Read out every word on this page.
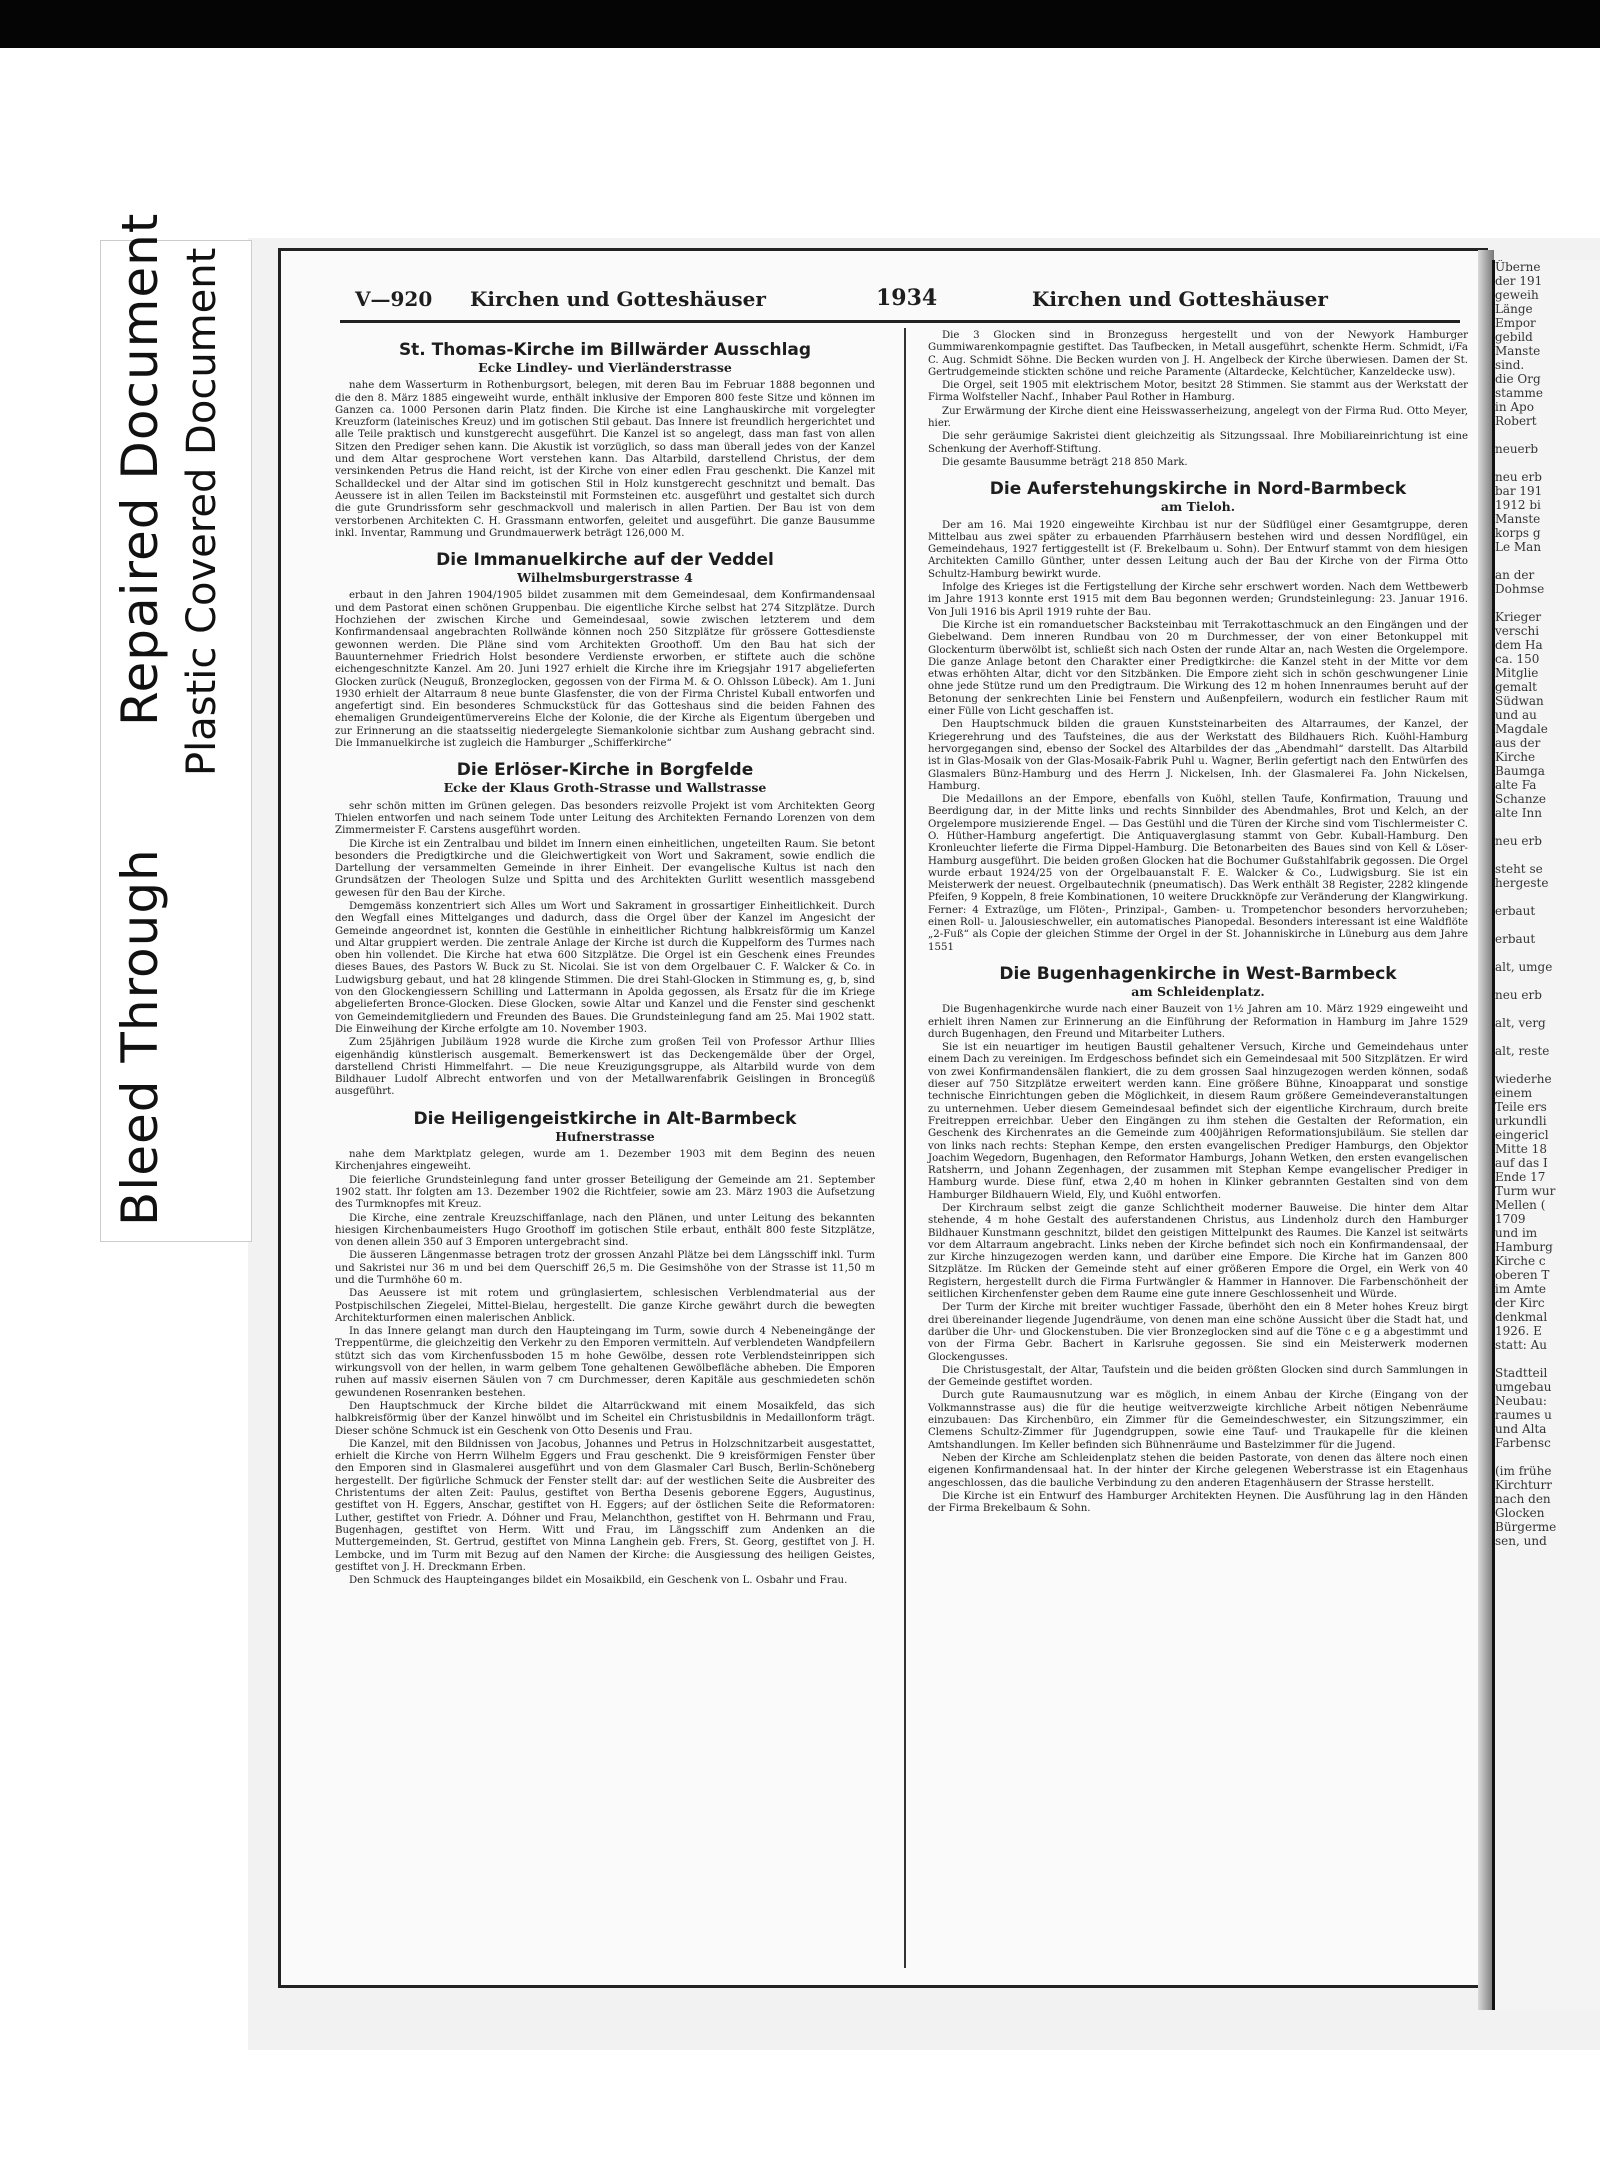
Bleed Through
Repaired Document Plastic Covered Document	V—920 Kirchen und Gotteshäuser	1934	Kirchen und Gotteshäuser
St. Thomas-Kirche im Billwärder Ausschlag
Ecke Lindley- und Vierländerstrasse

nahe dem Wasserturm in Rothenburgsort, belegen, mit deren Bau im Februar 1888 begonnen und die den 8. März 1885 eingeweiht wurde, enthält inklusive der Emporen 800 feste Sitze und können im Ganzen ca. 1000 Personen darin Platz finden. Die Kirche ist eine Langhauskirche mit vorgelegter Kreuzform (lateinisches Kreuz) und im gotischen Stil gebaut. Das Innere ist freundlich hergerichtet und alle Teile praktisch und kunstgerecht ausgeführt. Die Kanzel ist so angelegt, dass man fast von allen Sitzen den Prediger sehen kann. Die Akustik ist vorzüglich, so dass man überall jedes von der Kanzel und dem Altar gesprochene Wort verstehen kann. Das Altarbild, darstellend Christus, der dem versinkenden Petrus die Hand reicht, ist der Kirche von einer edlen Frau geschenkt. Die Kanzel mit Schalldeckel und der Altar sind im gotischen Stil in Holz kunstgerecht geschnitzt und bemalt. Das Aeussere ist in allen Teilen im Backsteinstil mit Formsteinen etc. ausgeführt und gestaltet sich durch die gute Grundrissform sehr geschmackvoll und malerisch in allen Partien. Der Bau ist von dem verstorbenen Architekten C. H. Grassmann entworfen, geleitet und ausgeführt. Die ganze Bausumme inkl. Inventar, Rammung und Grundmauerwerk beträgt 126,000 M.

Die Immanuelkirche auf der Veddel
Wilhelmsburgerstrasse 4

erbaut in den Jahren 1904/1905 bildet zusammen mit dem Gemeindesaal, dem Konfirmandensaal und dem Pastorat einen schönen Gruppenbau. Die eigentliche Kirche selbst hat 274 Sitzplätze. Durch Hochziehen der zwischen Kirche und Gemeindesaal, sowie zwischen letzterem und dem Konfirmandensaal angebrachten Rollwände können noch 250 Sitzplätze für grössere Gottesdienste gewonnen werden. Die Pläne sind vom Architekten Groothoff. Um den Bau hat sich der Bauunternehmer Friedrich Holst besondere Verdienste erworben, er stiftete auch die schöne eichengeschnitzte Kanzel. Am 20. Juni 1927 erhielt die Kirche ihre im Kriegsjahr 1917 abgelieferten Glocken zurück (Neuguß, Bronzeglocken, gegossen von der Firma M. & O. Ohlsson Lübeck). Am 1. Juni 1930 erhielt der Altarraum 8 neue bunte Glasfenster, die von der Firma Christel Kuball entworfen und angefertigt sind. Ein besonderes Schmuckstück für das Gotteshaus sind die beiden Fahnen des ehemaligen Grundeigentümervereins Elche der Kolonie, die der Kirche als Eigentum übergeben und zur Erinnerung an die staatsseitig niedergelegte Siemankolonie sichtbar zum Aushang gebracht sind. Die Immanuelkirche ist zugleich die Hamburger „Schifferkirche“

Die Erlöser-Kirche in Borgfelde
Ecke der Klaus Groth-Strasse und Wallstrasse

sehr schön mitten im Grünen gelegen. Das besonders reizvolle Projekt ist vom Architekten Georg Thielen entworfen und nach seinem Tode unter Leitung des Architekten Fernando Lorenzen von dem Zimmermeister F. Carstens ausgeführt worden.

Die Kirche ist ein Zentralbau und bildet im Innern einen einheitlichen, ungeteilten Raum. Sie betont besonders die Predigtkirche und die Gleichwertigkeit von Wort und Sakrament, sowie endlich die Dartellung der versammelten Gemeinde in ihrer Einheit. Der evangelische Kultus ist nach den Grundsätzen der Theologen Sulze und Spitta und des Architekten Gurlitt wesentlich massgebend gewesen für den Bau der Kirche.

Demgemäss konzentriert sich Alles um Wort und Sakrament in grossartiger Einheitlichkeit. Durch den Wegfall eines Mittelganges und dadurch, dass die Orgel über der Kanzel im Angesicht der Gemeinde angeordnet ist, konnten die Gestühle in einheitlicher Richtung halbkreisförmig um Kanzel und Altar gruppiert werden. Die zentrale Anlage der Kirche ist durch die Kuppelform des Turmes nach oben hin vollendet. Die Kirche hat etwa 600 Sitzplätze. Die Orgel ist ein Geschenk eines Freundes dieses Baues, des Pastors W. Buck zu St. Nicolai. Sie ist von dem Orgelbauer C. F. Walcker & Co. in Ludwigsburg gebaut, und hat 28 klingende Stimmen. Die drei Stahl-Glocken in Stimmung es, g, b, sind von den Glockengiessern Schilling und Lattermann in Apolda gegossen, als Ersatz für die im Kriege abgelieferten Bronce-Glocken. Diese Glocken, sowie Altar und Kanzel und die Fenster sind geschenkt von Gemeindemitgliedern und Freunden des Baues. Die Grundsteinlegung fand am 25. Mai 1902 statt. Die Einweihung der Kirche erfolgte am 10. November 1903.

Zum 25jährigen Jubiläum 1928 wurde die Kirche zum großen Teil von Professor Arthur Illies eigenhändig künstlerisch ausgemalt. Bemerkenswert ist das Deckengemälde über der Orgel, darstellend Christi Himmelfahrt. — Die neue Kreuzigungsgruppe, als Altarbild wurde von dem Bildhauer Ludolf Albrecht entworfen und von der Metallwarenfabrik Geislingen in Broncegüß ausgeführt.

Die Heiligengeistkirche in Alt-Barmbeck
Hufnerstrasse

nahe dem Marktplatz gelegen, wurde am 1. Dezember 1903 mit dem Beginn des neuen Kirchenjahres eingeweiht.

Die feierliche Grundsteinlegung fand unter grosser Beteiligung der Gemeinde am 21. September 1902 statt. Ihr folgten am 13. Dezember 1902 die Richtfeier, sowie am 23. März 1903 die Aufsetzung des Turmknopfes mit Kreuz.

Die Kirche, eine zentrale Kreuzschiffanlage, nach den Plänen, und unter Leitung des bekannten hiesigen Kirchenbaumeisters Hugo Groothoff im gotischen Stile erbaut, enthält 800 feste Sitzplätze, von denen allein 350 auf 3 Emporen untergebracht sind.

Die äusseren Längenmasse betragen trotz der grossen Anzahl Plätze bei dem Längsschiff inkl. Turm und Sakristei nur 36 m und bei dem Querschiff 26,5 m. Die Gesimshöhe von der Strasse ist 11,50 m und die Turmhöhe 60 m.

Das Aeussere ist mit rotem und grünglasiertem, schlesischen Verblendmaterial aus der Postpischilschen Ziegelei, Mittel-Bielau, hergestellt. Die ganze Kirche gewährt durch die bewegten Architekturformen einen malerischen Anblick.

In das Innere gelangt man durch den Haupteingang im Turm, sowie durch 4 Nebeneingänge der Treppentürme, die gleichzeitig den Verkehr zu den Emporen vermitteln. Auf verblendeten Wandpfeilern stützt sich das vom Kirchenfussboden 15 m hohe Gewölbe, dessen rote Verblendsteinrippen sich wirkungsvoll von der hellen, in warm gelbem Tone gehaltenen Gewölbefläche abheben. Die Emporen ruhen auf massiv eisernen Säulen von 7 cm Durchmesser, deren Kapitäle aus geschmiedeten schön gewundenen Rosenranken bestehen.

Den Hauptschmuck der Kirche bildet die Altarrückwand mit einem Mosaikfeld, das sich halbkreisförmig über der Kanzel hinwölbt und im Scheitel ein Christusbildnis in Medaillonform trägt. Dieser schöne Schmuck ist ein Geschenk von Otto Desenis und Frau.

Die Kanzel, mit den Bildnissen von Jacobus, Johannes und Petrus in Holzschnitzarbeit ausgestattet, erhielt die Kirche von Herrn Wilhelm Eggers und Frau geschenkt. Die 9 kreisförmigen Fenster über den Emporen sind in Glasmalerei ausgeführt und von dem Glasmaler Carl Busch, Berlin-Schöneberg hergestellt. Der figürliche Schmuck der Fenster stellt dar: auf der westlichen Seite die Ausbreiter des Christentums der alten Zeit: Paulus, gestiftet von Bertha Desenis geborene Eggers, Augustinus, gestiftet von H. Eggers, Anschar, gestiftet von H. Eggers; auf der östlichen Seite die Reformatoren: Luther, gestiftet von Friedr. A. Dóhner und Frau, Melanchthon, gestiftet von H. Behrmann und Frau, Bugenhagen, gestiftet von Herm. Witt und Frau, im Längsschiff zum Andenken an die Muttergemeinden, St. Gertrud, gestiftet von Minna Langhein geb. Frers, St. Georg, gestiftet von J. H. Lembcke, und im Turm mit Bezug auf den Namen der Kirche: die Ausgiessung des heiligen Geistes, gestiftet von J. H. Dreckmann Erben.

Den Schmuck des Haupteinganges bildet ein Mosaikbild, ein Geschenk von L. Osbahr und Frau.

Die 3 Glocken sind in Bronzeguss hergestellt und von der Newyork Hamburger Gummiwarenkompagnie gestiftet. Das Taufbecken, in Metall ausgeführt, schenkte Herm. Schmidt, i/Fa C. Aug. Schmidt Söhne. Die Becken wurden von J. H. Angelbeck der Kirche überwiesen. Damen der St. Gertrudgemeinde stickten schöne und reiche Paramente (Altardecke, Kelchtücher, Kanzeldecke usw).

Die Orgel, seit 1905 mit elektrischem Motor, besitzt 28 Stimmen. Sie stammt aus der Werkstatt der Firma Wolfsteller Nachf., Inhaber Paul Rother in Hamburg.

Zur Erwärmung der Kirche dient eine Heisswasserheizung, angelegt von der Firma Rud. Otto Meyer, hier.

Die sehr geräumige Sakristei dient gleichzeitig als Sitzungssaal. Ihre Mobiliareinrichtung ist eine Schenkung der Averhoff-Stiftung.

Die gesamte Bausumme beträgt 218 850 Mark.

Die Auferstehungskirche in Nord-Barmbeck
am Tieloh.

Der am 16. Mai 1920 eingeweihte Kirchbau ist nur der Südflügel einer Gesamtgruppe, deren Mittelbau aus zwei später zu erbauenden Pfarrhäusern bestehen wird und dessen Nordflügel, ein Gemeindehaus, 1927 fertiggestellt ist (F. Brekelbaum u. Sohn). Der Entwurf stammt von dem hiesigen Architekten Camillo Günther, unter dessen Leitung auch der Bau der Kirche von der Firma Otto Schultz-Hamburg bewirkt wurde.

Infolge des Krieges ist die Fertigstellung der Kirche sehr erschwert worden. Nach dem Wettbewerb im Jahre 1913 konnte erst 1915 mit dem Bau begonnen werden; Grundsteinlegung: 23. Januar 1916. Von Juli 1916 bis April 1919 ruhte der Bau.

Die Kirche ist ein romanduetscher Backsteinbau mit Terrakottaschmuck an den Eingängen und der Giebelwand. Dem inneren Rundbau von 20 m Durchmesser, der von einer Betonkuppel mit Glockenturm überwölbt ist, schließt sich nach Osten der runde Altar an, nach Westen die Orgelempore. Die ganze Anlage betont den Charakter einer Predigtkirche: die Kanzel steht in der Mitte vor dem etwas erhöhten Altar, dicht vor den Sitzbänken. Die Empore zieht sich in schön geschwungener Linie ohne jede Stütze rund um den Predigtraum. Die Wirkung des 12 m hohen Innenraumes beruht auf der Betonung der senkrechten Linie bei Fenstern und Außenpfeilern, wodurch ein festlicher Raum mit einer Fülle von Licht geschaffen ist.

Den Hauptschmuck bilden die grauen Kunststeinarbeiten des Altarraumes, der Kanzel, der Kriegerehrung und des Taufsteines, die aus der Werkstatt des Bildhauers Rich. Kuöhl-Hamburg hervorgegangen sind, ebenso der Sockel des Altarbildes der das „Abendmahl“ darstellt. Das Altarbild ist in Glas-Mosaik von der Glas-Mosaik-Fabrik Puhl u. Wagner, Berlin gefertigt nach den Entwürfen des Glasmalers Bünz-Hamburg und des Herrn J. Nickelsen, Inh. der Glasmalerei Fa. John Nickelsen, Hamburg.

Die Medaillons an der Empore, ebenfalls von Kuöhl, stellen Taufe, Konfirmation, Trauung und Beerdigung dar, in der Mitte links und rechts Sinnbilder des Abendmahles, Brot und Kelch, an der Orgelempore musizierende Engel. — Das Gestühl und die Türen der Kirche sind vom Tischlermeister C. O. Hüther-Hamburg angefertigt. Die Antiquaverglasung stammt von Gebr. Kuball-Hamburg. Den Kronleuchter lieferte die Firma Dippel-Hamburg. Die Betonarbeiten des Baues sind von Kell & Löser-Hamburg ausgeführt. Die beiden großen Glocken hat die Bochumer Gußstahlfabrik gegossen. Die Orgel wurde erbaut 1924/25 von der Orgelbauanstalt F. E. Walcker & Co., Ludwigsburg. Sie ist ein Meisterwerk der neuest. Orgelbautechnik (pneumatisch). Das Werk enthält 38 Register, 2282 klingende Pfeifen, 9 Koppeln, 8 freie Kombinationen, 10 weitere Druckknöpfe zur Veränderung der Klangwirkung. Ferner: 4 Extrazüge, um Flöten-, Prinzipal-, Gamben- u. Trompetenchor besonders hervorzuheben; einen Roll- u. Jalousieschweller, ein automatisches Pianopedal. Besonders interessant ist eine Waldflöte „2-Fuß“ als Copie der gleichen Stimme der Orgel in der St. Johanniskirche in Lüneburg aus dem Jahre 1551

Die Bugenhagenkirche in West-Barmbeck
am Schleidenplatz.

Die Bugenhagenkirche wurde nach einer Bauzeit von 1½ Jahren am 10. März 1929 eingeweiht und erhielt ihren Namen zur Erinnerung an die Einführung der Reformation in Hamburg im Jahre 1529 durch Bugenhagen, den Freund und Mitarbeiter Luthers.

Sie ist ein neuartiger im heutigen Baustil gehaltener Versuch, Kirche und Gemeindehaus unter einem Dach zu vereinigen. Im Erdgeschoss befindet sich ein Gemeindesaal mit 500 Sitzplätzen. Er wird von zwei Konfirmandensälen flankiert, die zu dem grossen Saal hinzugezogen werden können, sodaß dieser auf 750 Sitzplätze erweitert werden kann. Eine größere Bühne, Kinoapparat und sonstige technische Einrichtungen geben die Möglichkeit, in diesem Raum größere Gemeindeveranstaltungen zu unternehmen. Ueber diesem Gemeindesaal befindet sich der eigentliche Kirchraum, durch breite Freitreppen erreichbar. Ueber den Eingängen zu ihm stehen die Gestalten der Reformation, ein Geschenk des Kirchenrates an die Gemeinde zum 400jährigen Reformationsjubiläum. Sie stellen dar von links nach rechts: Stephan Kempe, den ersten evangelischen Prediger Hamburgs, den Objektor Joachim Wegedorn, Bugenhagen, den Reformator Hamburgs, Johann Wetken, den ersten evangelischen Ratsherrn, und Johann Zegenhagen, der zusammen mit Stephan Kempe evangelischer Prediger in Hamburg wurde. Diese fünf, etwa 2,40 m hohen in Klinker gebrannten Gestalten sind von dem Hamburger Bildhauern Wield, Ely, und Kuöhl entworfen.

Der Kirchraum selbst zeigt die ganze Schlichtheit moderner Bauweise. Die hinter dem Altar stehende, 4 m hohe Gestalt des auferstandenen Christus, aus Lindenholz durch den Hamburger Bildhauer Kunstmann geschnitzt, bildet den geistigen Mittelpunkt des Raumes. Die Kanzel ist seitwärts vor dem Altarraum angebracht. Links neben der Kirche befindet sich noch ein Konfirmandensaal, der zur Kirche hinzugezogen werden kann, und darüber eine Empore. Die Kirche hat im Ganzen 800 Sitzplätze. Im Rücken der Gemeinde steht auf einer größeren Empore die Orgel, ein Werk von 40 Registern, hergestellt durch die Firma Furtwängler & Hammer in Hannover. Die Farbenschönheit der seitlichen Kirchenfenster geben dem Raume eine gute innere Geschlossenheit und Würde.

Der Turm der Kirche mit breiter wuchtiger Fassade, überhöht den ein 8 Meter hohes Kreuz birgt drei übereinander liegende Jugendräume, von denen man eine schöne Aussicht über die Stadt hat, und darüber die Uhr- und Glockenstuben. Die vier Bronzeglocken sind auf die Töne c e g a abgestimmt und von der Firma Gebr. Bachert in Karlsruhe gegossen. Sie sind ein Meisterwerk modernen Glockengusses.

Die Christusgestalt, der Altar, Taufstein und die beiden größten Glocken sind durch Sammlungen in der Gemeinde gestiftet worden.

Durch gute Raumausnutzung war es möglich, in einem Anbau der Kirche (Eingang von der Volkmannstrasse aus) die für die heutige weitverzweigte kirchliche Arbeit nötigen Nebenräume einzubauen: Das Kirchenbüro, ein Zimmer für die Gemeindeschwester, ein Sitzungszimmer, ein Clemens Schultz-Zimmer für Jugendgruppen, sowie eine Tauf- und Traukapelle für die kleinen Amtshandlungen. Im Keller befinden sich Bühnenräume und Bastelzimmer für die Jugend.

Neben der Kirche am Schleidenplatz stehen die beiden Pastorate, von denen das ältere noch einen eigenen Konfirmandensaal hat. In der hinter der Kirche gelegenen Weberstrasse ist ein Etagenhaus angeschlossen, das die bauliche Verbindung zu den anderen Etagenhäusern der Strasse herstellt.

Die Kirche ist ein Entwurf des Hamburger Architekten Heynen. Die Ausführung lag in den Händen der Firma Brekelbaum & Sohn.

Überne
der 191
geweih
Länge
Empor
gebild
Manste
sind.
die Org
stamme
in Apo
Robert
neuerb
neu erb
bar 191
1912 bi
Manste
korps g
Le Man
an der
Dohmse
Krieger
verschi
dem Ha
ca. 150
Mitglie
gemalt
Südwan
und au
Magdale
aus der
Kirche
Baumga
alte Fa
Schanze
alte Inn
neu erb
steht se
hergeste
erbaut
erbaut
alt, umge
neu erb
alt, verg
alt, reste
wiederhe
einem
Teile ers
urkundli
eingericl
Mitte 18
auf das I
Ende 17
Turm wur
Mellen (
1709
und im
Hamburg
Kirche c
oberen T
im Amte
der Kirc
denkmal
1926. E
statt: Au
Stadtteil
umgebau
Neubau:
raumes u
und Alta
Farbensc
(im frühe
Kirchturr
nach den
Glocken
Bürgerme
sen, und
